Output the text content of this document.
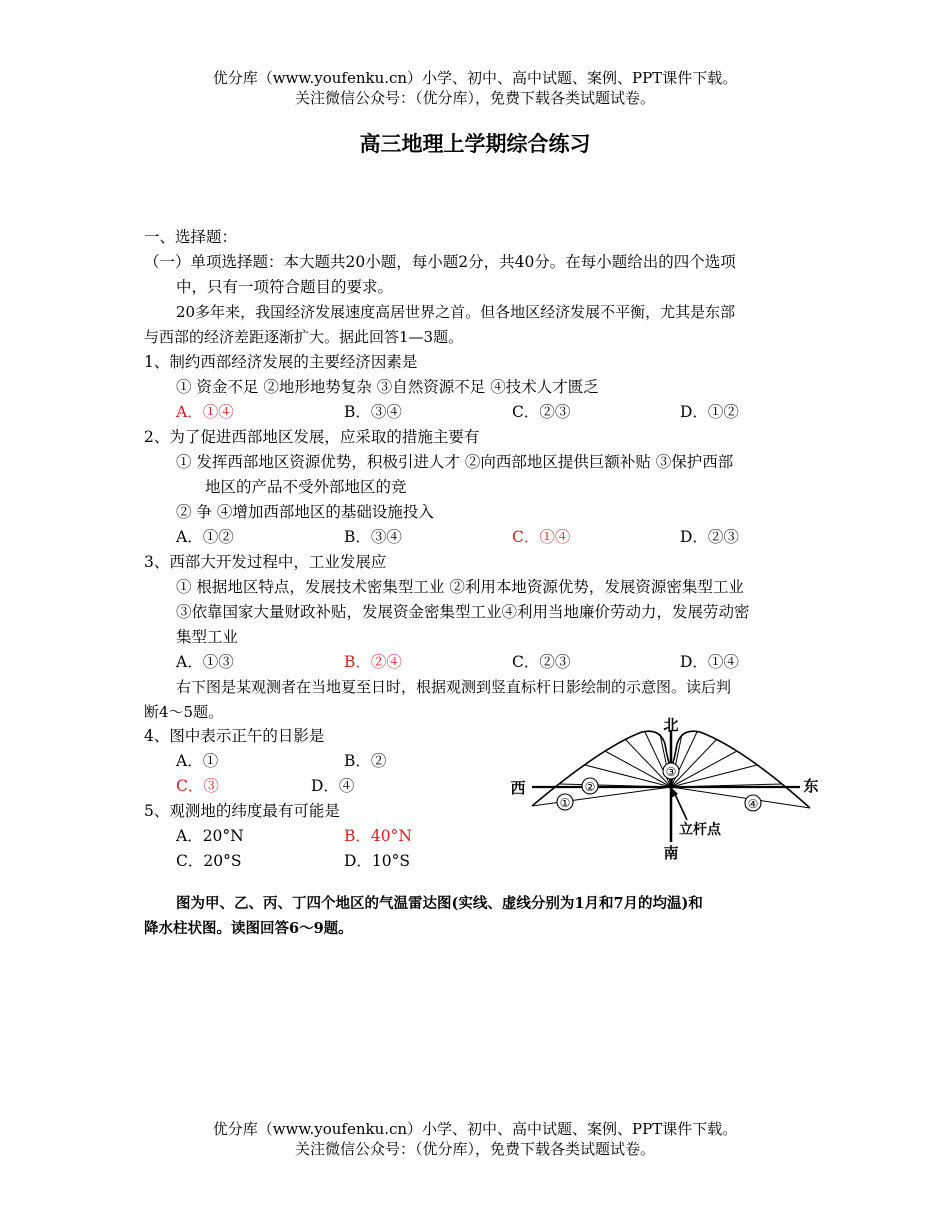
优分库（www.youfenku.cn）小学、初中、高中试题、案例、PPT课件下载。
关注微信公众号：（优分库），免费下载各类试题试卷。
高三地理上学期综合练习
一、选择题：
（一）单项选择题：本大题共20小题，每小题2分，共40分。在每小题给出的四个选项
中，只有一项符合题目的要求。
20多年来，我国经济发展速度高居世界之首。但各地区经济发展不平衡，尤其是东部
与西部的经济差距逐渐扩大。据此回答1—3题。
1、制约西部经济发展的主要经济因素是
① 资金不足 ②地形地势复杂 ③自然资源不足 ④技术人才匮乏
A．①④	B．③④	C．②③	D．①②
2、为了促进西部地区发展，应采取的措施主要有
① 发挥西部地区资源优势，积极引进人才 ②向西部地区提供巨额补贴 ③保护西部
地区的产品不受外部地区的竞
② 争 ④增加西部地区的基础设施投入
A．①②	B．③④	C．①④	D．②③
3、西部大开发过程中，工业发展应
① 根据地区特点，发展技术密集型工业 ②利用本地资源优势，发展资源密集型工业
③依靠国家大量财政补贴，发展资金密集型工业④利用当地廉价劳动力，发展劳动密
集型工业
A．①③	B．②④	C．②③	D．①④
右下图是某观测者在当地夏至日时，根据观测到竖直标杆日影绘制的示意图。读后判
断4～5题。
4、图中表示正午的日影是
A．①	B．②
C．③	D．④
5、观测地的纬度最有可能是
A．20°N	B．40°N
C．20°S	D．10°S
北
南
西	东
②
①
③
④
立杆点
图为甲、乙、丙、丁四个地区的气温雷达图(实线、虚线分别为1月和7月的均温)和
降水柱状图。读图回答6～9题。
优分库（www.youfenku.cn）小学、初中、高中试题、案例、PPT课件下载。
关注微信公众号：（优分库），免费下载各类试题试卷。
